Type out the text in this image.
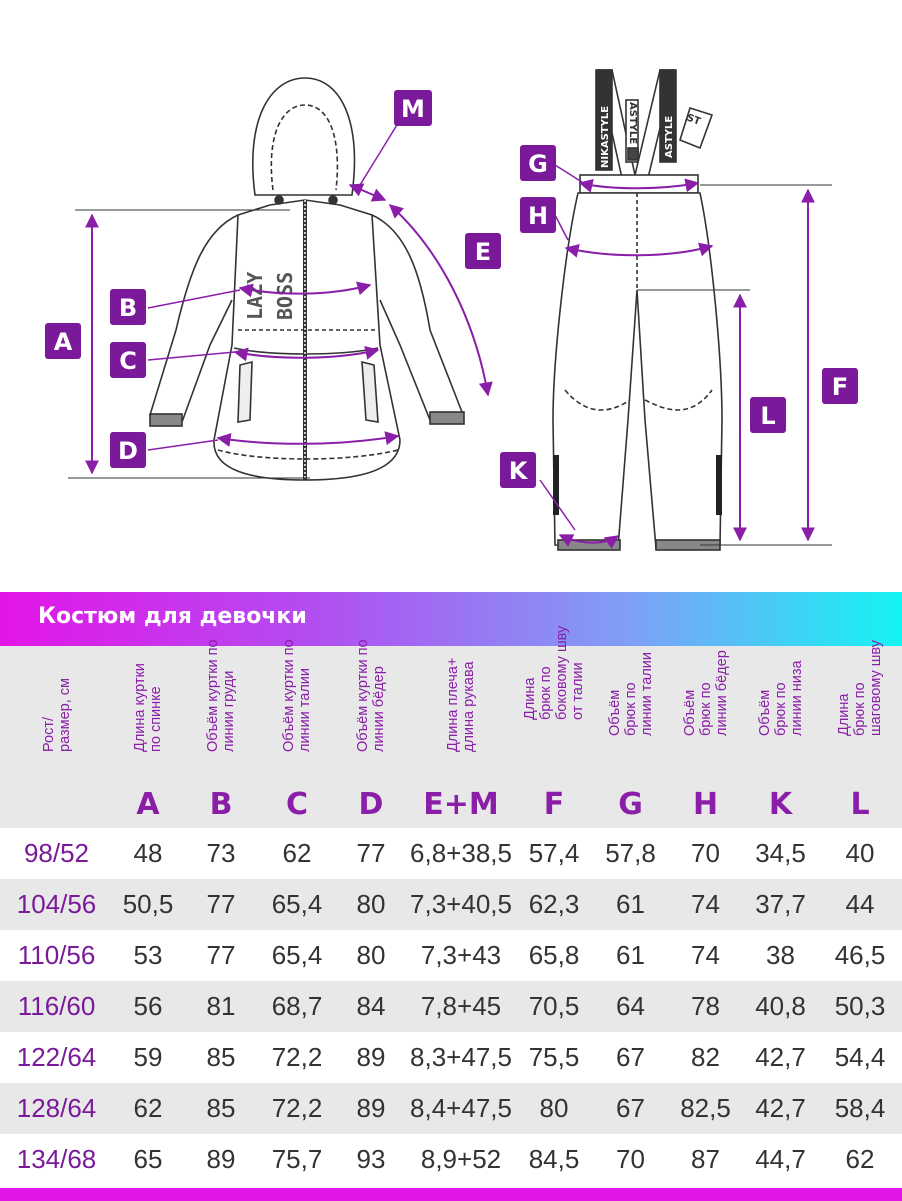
LAZY BOSS
NIKASTYLE	ASTYLE
ASTYLE	ST
A
B
C
D
E
M
G
H
F
L
K
Костюм для девочки
Рост/
размер, см
Длина куртки
по спинке
A
Объём куртки по
линии груди
B
Объём куртки по
линии талии
C
Объём куртки по
линии бёдер
D
Длина плеча+
длина рукава
E+M
Длина
брюк по
боковому шву
от талии
F
Объём
брюк по
линии талии
G
Объём
брюк по
линии бёдер
H
Объём
брюк по
линии низа
K
Длина
брюк по
шаговому шву
L
98/52	48	73	62	77 6,8+38,5 57,4 57,8	70	34,5	40
104/56	50,5	77	65,4	80 7,3+40,5 62,3	61	74	37,7	44
110/56	53	77	65,4	80	7,3+43	65,8	61	74	38	46,5
116/60	56	81	68,7	84	7,8+45	70,5	64	78	40,8	50,3
122/64	59	85	72,2	89 8,3+47,5 75,5	67	82	42,7	54,4
128/64	62	85	72,2	89 8,4+47,5	80	67	82,5 42,7	58,4
134/68	65	89	75,7	93	8,9+52	84,5	70	87	44,7	62
